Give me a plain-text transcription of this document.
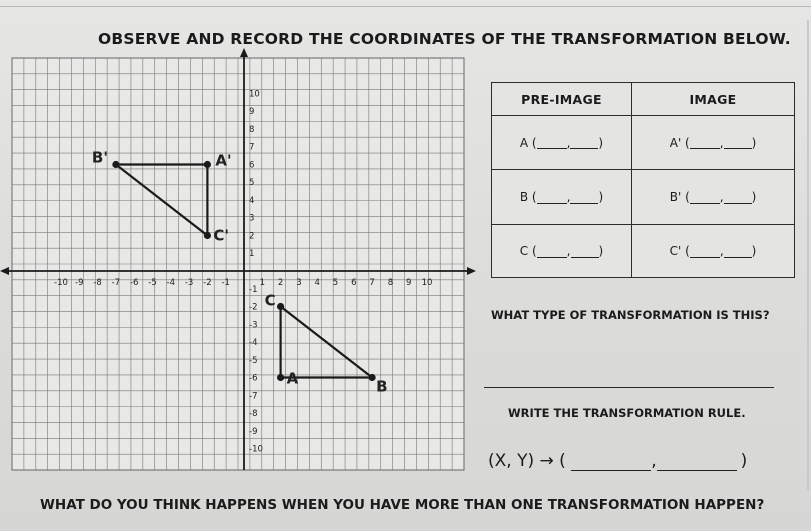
OBSERVE AND RECORD THE COORDINATES OF THE TRANSFORMATION BELOW.
-10 -9 -8 -7 -6 -5 -4 -3 -2 -1	1 2 3 4 5 6 7 8 9 10
10
9
8
7
6
5
4
3
2
1
-1
-2
-3
-4
-5
-6
-7
-8
-9
-10
B'	A'
C'
C
A	B
PRE-IMAGE	IMAGE
A (	, )	A' (	, )
B (	, )	B' (	, )
C (	, )	C' (	, )
WHAT TYPE OF TRANSFORMATION IS THIS?
WRITE THE TRANSFORMATION RULE.
(X, Y) → (	,	)
WHAT DO YOU THINK HAPPENS WHEN YOU HAVE MORE THAN ONE TRANSFORMATION HAPPEN?
